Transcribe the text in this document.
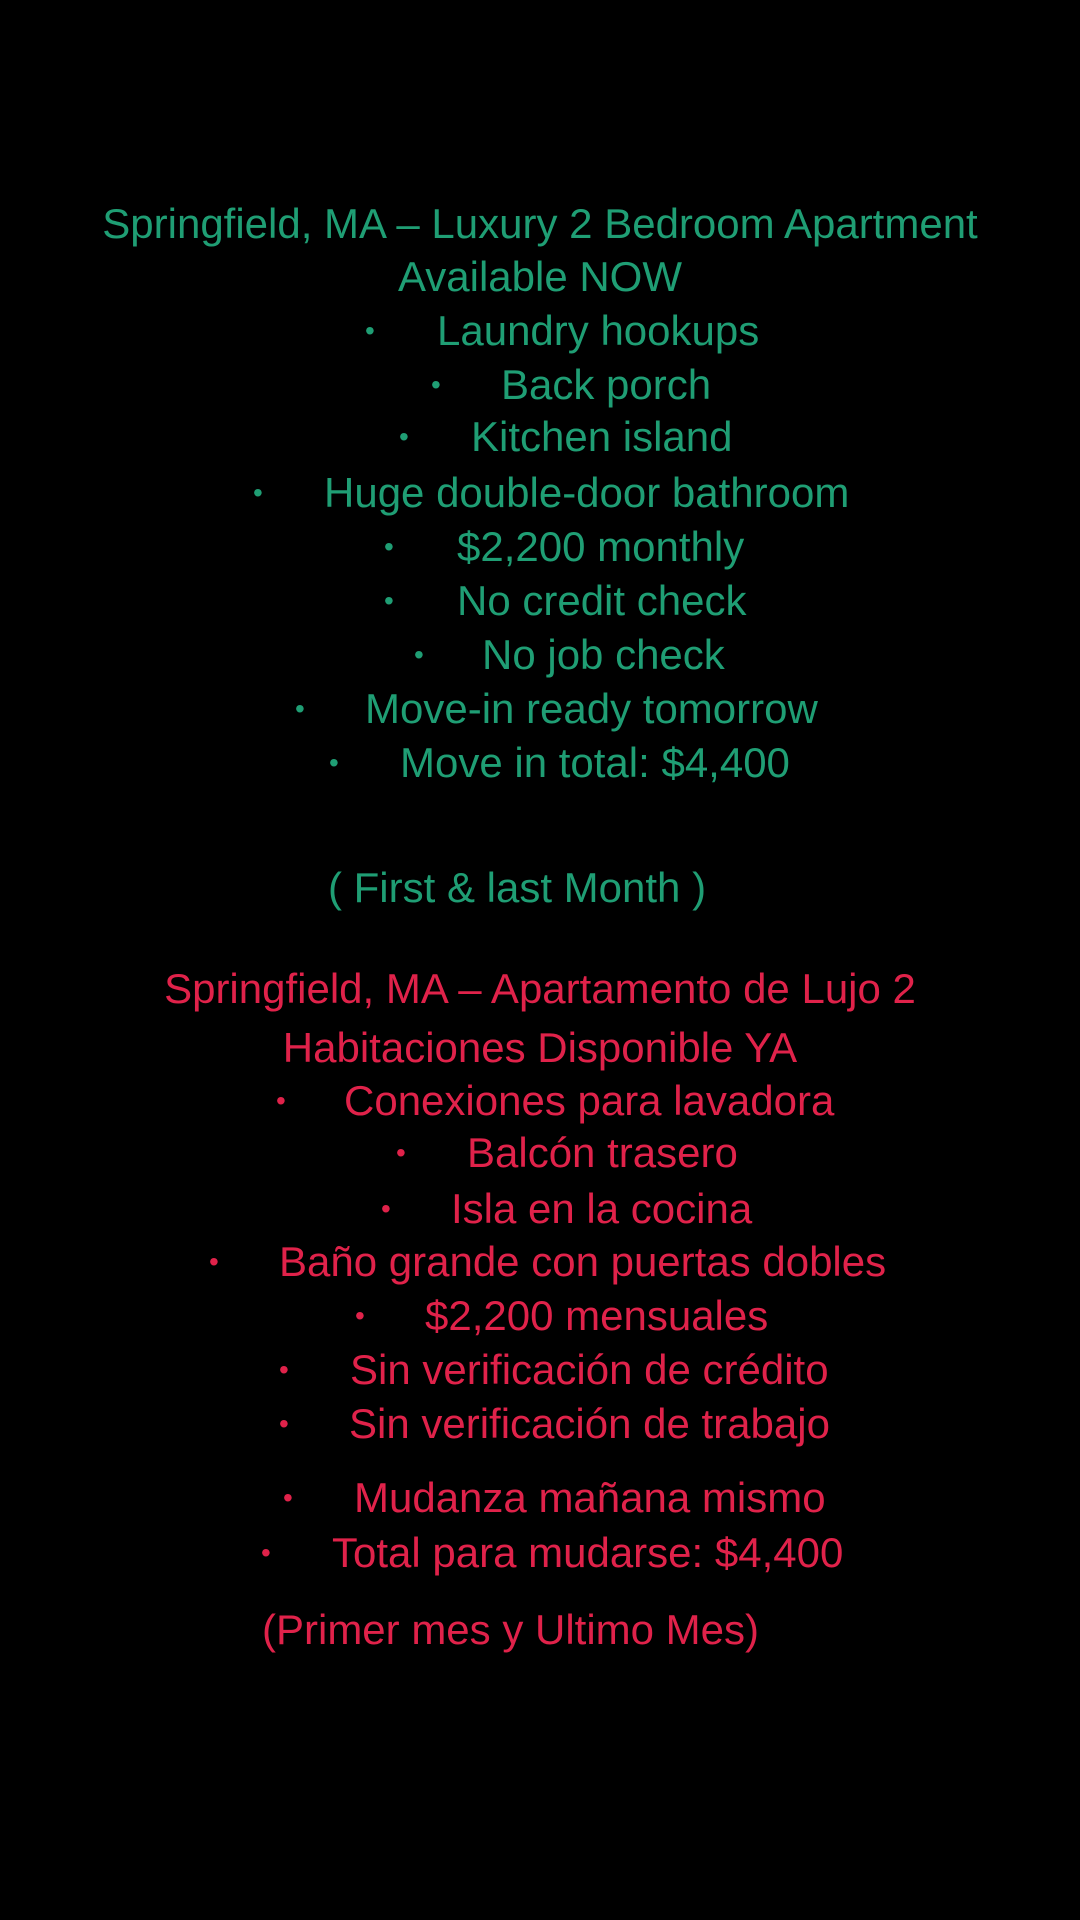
Springfield, MA – Luxury 2 Bedroom Apartment
Available NOW
• Laundry hookups
• Back porch
• Kitchen island
• Huge double-door bathroom
• $2,200 monthly
• No credit check
• No job check
• Move-in ready tomorrow
• Move in total: $4,400
( First & last Month )
Springfield, MA – Apartamento de Lujo 2
Habitaciones Disponible YA
• Conexiones para lavadora
• Balcón trasero
• Isla en la cocina
• Baño grande con puertas dobles
• $2,200 mensuales
• Sin verificación de crédito
• Sin verificación de trabajo
• Mudanza mañana mismo
• Total para mudarse: $4,400
(Primer mes y Ultimo Mes)
